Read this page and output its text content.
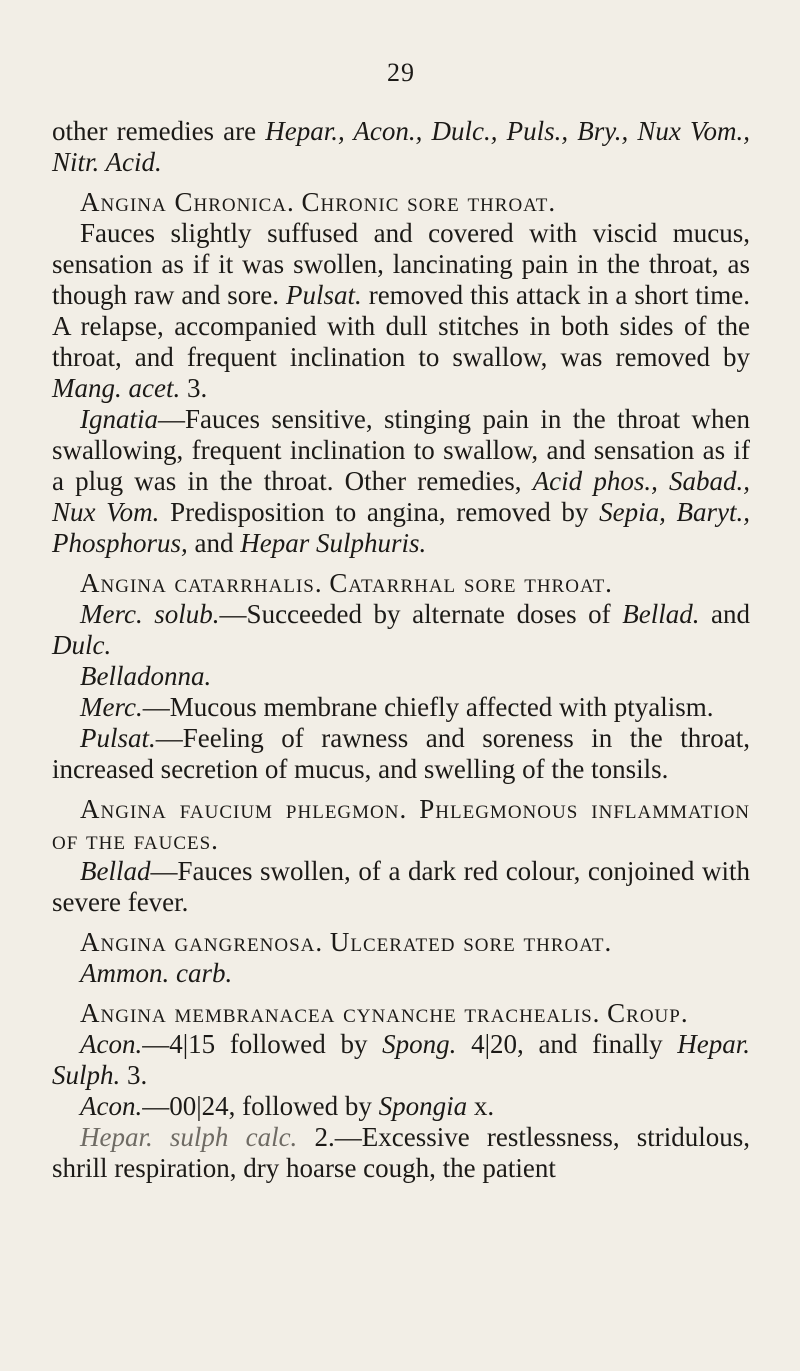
29

other remedies are Hepar., Acon., Dulc., Puls., Bry., Nux Vom., Nitr. Acid.

Angina Chronica. Chronic sore throat.

Fauces slightly suffused and covered with viscid mucus, sensation as if it was swollen, lancinating pain in the throat, as though raw and sore. Pulsat. removed this attack in a short time. A relapse, accompanied with dull stitches in both sides of the throat, and frequent inclination to swallow, was removed by Mang. acet. 3.

Ignatia—Fauces sensitive, stinging pain in the throat when swallowing, frequent inclination to swallow, and sensation as if a plug was in the throat. Other remedies, Acid phos., Sabad., Nux Vom. Predisposition to angina, removed by Sepia, Baryt., Phosphorus, and Hepar Sulphuris.

Angina catarrhalis. Catarrhal sore throat.

Merc. solub.—Succeeded by alternate doses of Bellad. and Dulc.

Belladonna.

Merc.—Mucous membrane chiefly affected with ptyalism.

Pulsat.—Feeling of rawness and soreness in the throat, increased secretion of mucus, and swelling of the tonsils.

Angina faucium phlegmon. Phlegmonous inflammation of the fauces.

Bellad—Fauces swollen, of a dark red colour, conjoined with severe fever.

Angina gangrenosa. Ulcerated sore throat.

Ammon. carb.

Angina membranacea cynanche trachealis. Croup.

Acon.—4|15 followed by Spong. 4|20, and finally Hepar. Sulph. 3.

Acon.—00|24, followed by Spongia x.

Hepar. sulph calc. 2.—Excessive restlessness, stridulous, shrill respiration, dry hoarse cough, the patient
